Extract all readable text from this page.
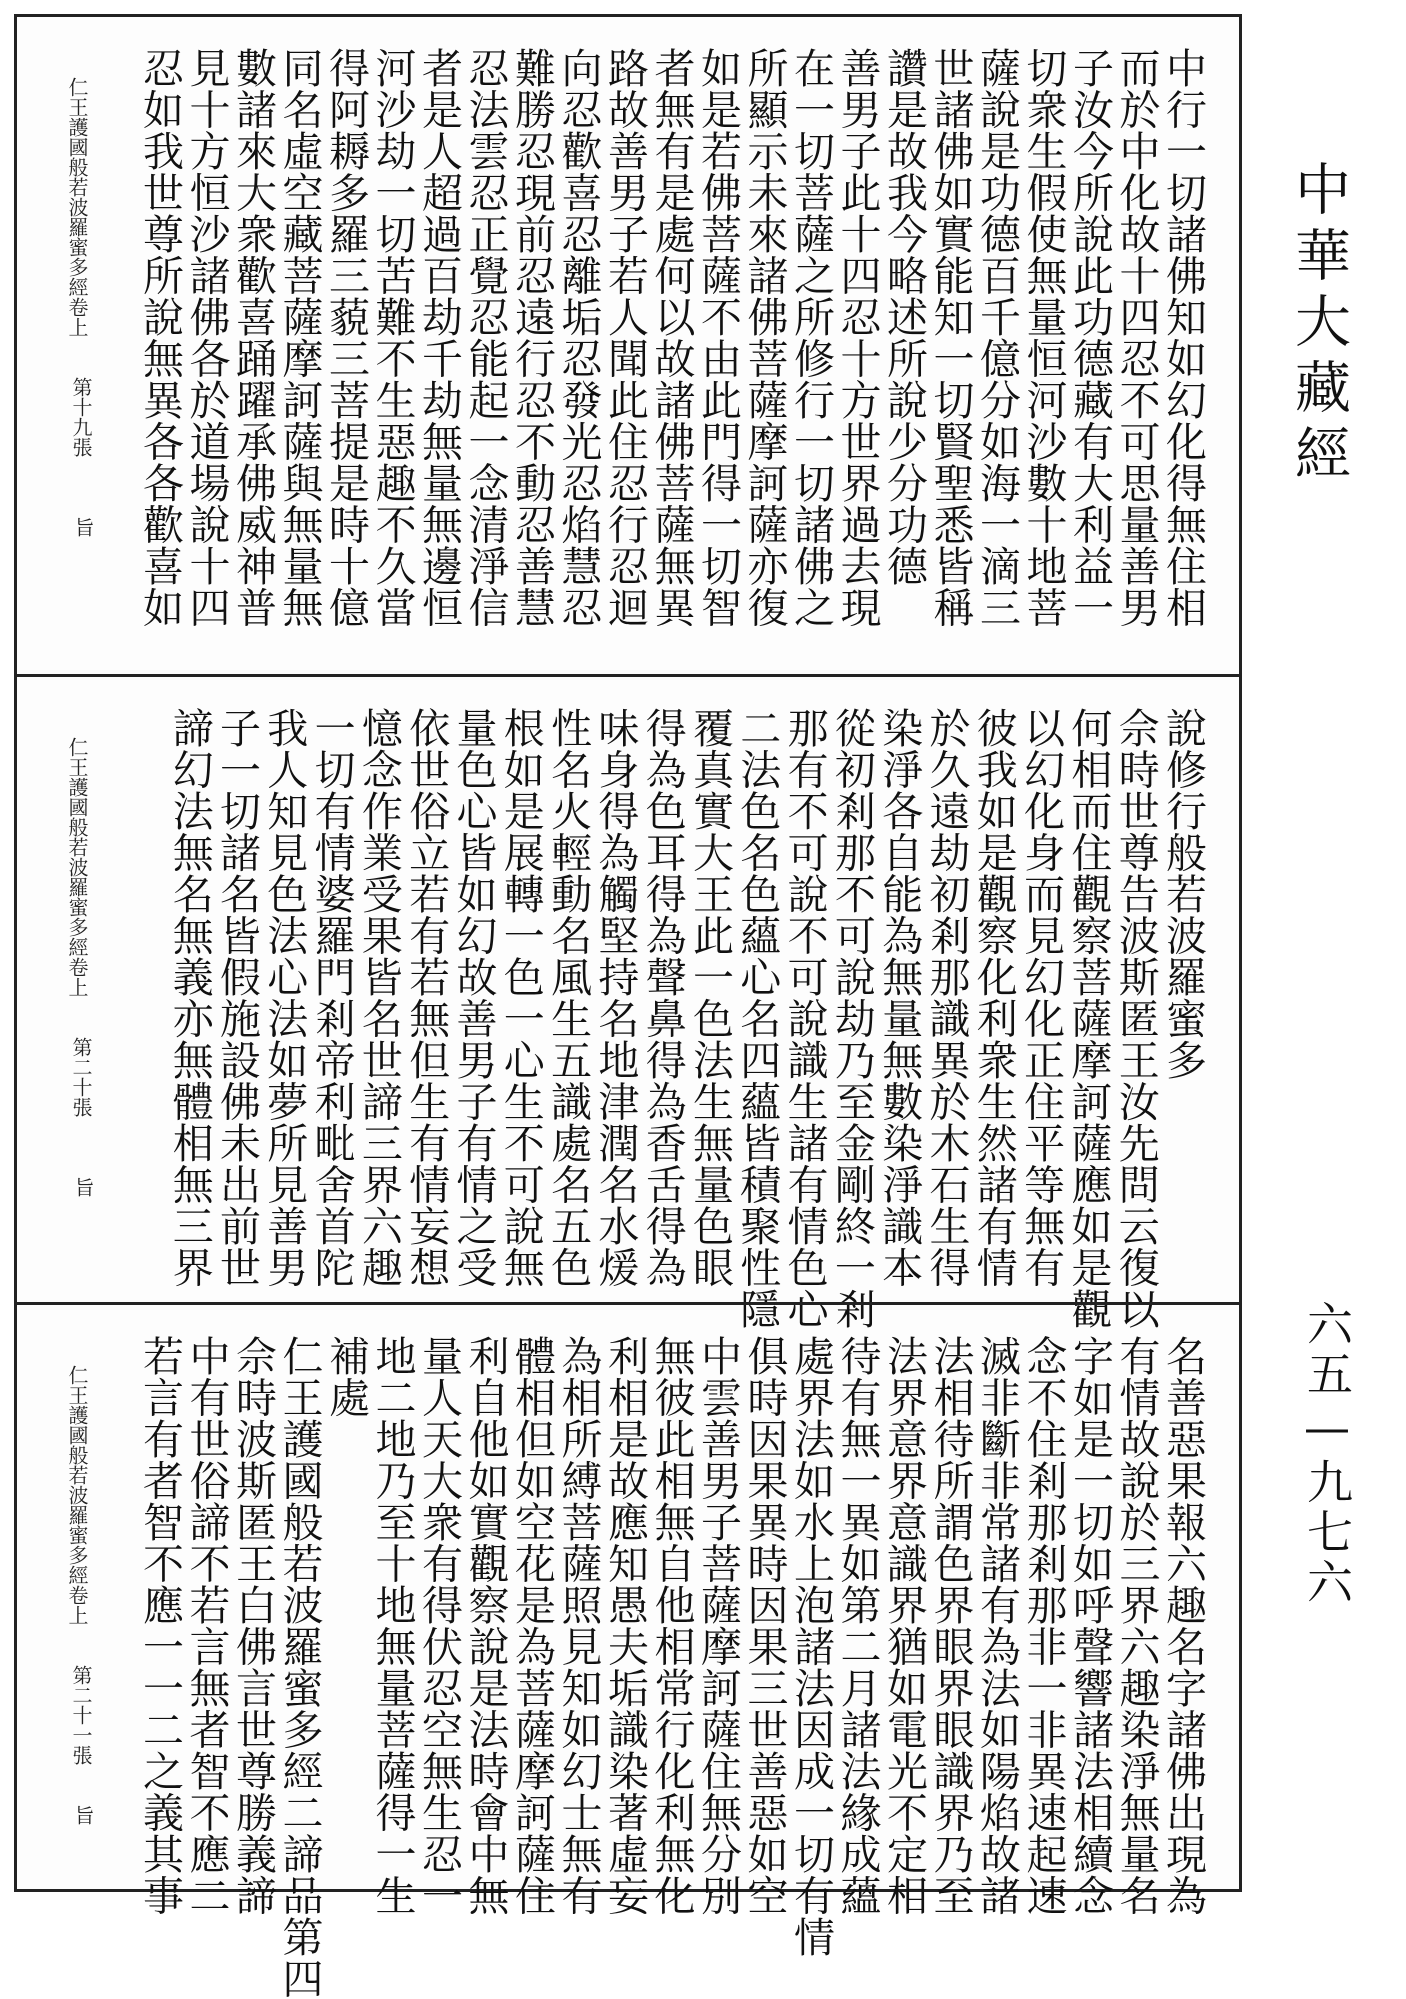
中行一切諸佛知如幻化得無住相
而於中化故十四忍不可思量善男
子汝今所說此功德藏有大利益一
切衆生假使無量恒河沙數十地菩
薩說是功德百千億分如海一滴三
世諸佛如實能知一切賢聖悉皆稱
讚是故我今略述所說少分功德
善男子此十四忍十方世界過去現
在一切菩薩之所修行一切諸佛之
所顯示未來諸佛菩薩摩訶薩亦復
如是若佛菩薩不由此門得一切智
者無有是處何以故諸佛菩薩無異
路故善男子若人聞此住忍行忍迴
向忍歡喜忍離垢忍發光忍焰慧忍
難勝忍現前忍遠行忍不動忍善慧
忍法雲忍正覺忍能起一念清淨信
者是人超過百劫千劫無量無邊恒
河沙劫一切苦難不生惡趣不久當
得阿耨多羅三藐三菩提是時十億
同名虛空藏菩薩摩訶薩與無量無
數諸來大衆歡喜踊躍承佛威神普
見十方恒沙諸佛各於道場說十四
忍如我世尊所說無異各各歡喜如
仁王護國般若波羅蜜多經卷上
第十九張
旨
說修行般若波羅蜜多
佘時世尊告波斯匿王汝先問云復以
何相而住觀察菩薩摩訶薩應如是觀
以幻化身而見幻化正住平等無有
彼我如是觀察化利衆生然諸有情
於久遠劫初剎那識異於木石生得
染淨各自能為無量無數染淨識本
從初剎那不可說劫乃至金剛終一剎
那有不可說不可說識生諸有情色心
二法色名色蘊心名四蘊皆積聚性隱
覆真實大王此一色法生無量色眼
得為色耳得為聲鼻得為香舌得為
味身得為觸堅持名地津潤名水煖
性名火輕動名風生五識處名五色
根如是展轉一色一心生不可說無
量色心皆如幻故善男子有情之受
依世俗立若有若無但生有情妄想
憶念作業受果皆名世諦三界六趣
一切有情婆羅門剎帝利毗舍首陀
我人知見色法心法如夢所見善男
子一切諸名皆假施設佛未出前世
諦幻法無名無義亦無體相無三界
仁王護國般若波羅蜜多經卷上
第二十張
旨
名善惡果報六趣名字諸佛出現為
有情故說於三界六趣染淨無量名
字如是一切如呼聲響諸法相續念
念不住剎那剎那非一非異速起速
滅非斷非常諸有為法如陽焰故諸
法相待所謂色界眼界眼識界乃至
法界意界意識界猶如電光不定相
待有無一異如第二月諸法緣成蘊
處界法如水上泡諸法因成一切有情
俱時因果異時因果三世善惡如空
中雲善男子菩薩摩訶薩住無分別
無彼此相無自他相常行化利無化
利相是故應知愚夫垢識染著虛妄
為相所縛菩薩照見知如幻士無有
體相但如空花是為菩薩摩訶薩住
利自他如實觀察說是法時會中無
量人天大衆有得伏忍空無生忍一
地二地乃至十地無量菩薩得一生
補處
仁王護國般若波羅蜜多經二諦品第四
佘時波斯匿王白佛言世尊勝義諦
中有世俗諦不若言無者智不應二
若言有者智不應一一二之義其事
仁王護國般若波羅蜜多經卷上
第二十一張
旨
中華大藏經
六五—九七六
